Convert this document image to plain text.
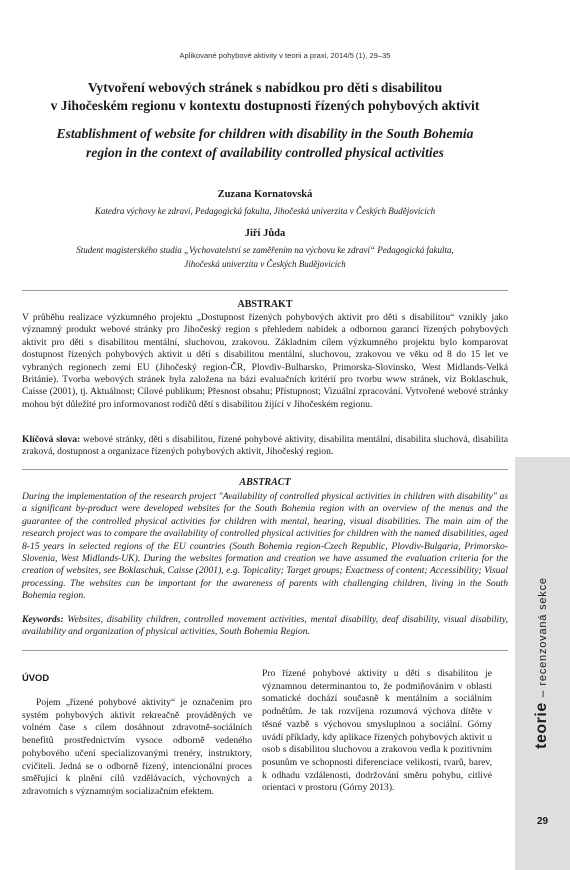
Aplikované pohybové aktivity v teorii a praxi, 2014/5 (1), 29–35
Vytvoření webových stránek s nabídkou pro děti s disabilitou
v Jihočeském regionu v kontextu dostupnosti řízených pohybových aktivit
Establishment of website for children with disability in the South Bohemia
region in the context of availability controlled physical activities
Zuzana Kornatovská
Katedra výchovy ke zdraví, Pedagogická fakulta, Jihočeská univerzita v Českých Budějovicích
Jiří Jůda
Student magisterského studia „Vychovatelství se zaměřením na výchovu ke zdraví“ Pedagogická fakulta,
Jihočeská univerzita v Českých Budějovicích
ABSTRAKT
V průběhu realizace výzkumného projektu „Dostupnost řízených pohybových aktivit pro děti s disabilitou“ vznikly jako významný produkt webové stránky pro Jihočeský region s přehledem nabídek a odbornou garancí řízených pohybových aktivit pro děti s disabilitou mentální, sluchovou, zrakovou. Základním cílem výzkumného projektu bylo komparovat dostupnost řízených pohybových aktivit u dětí s disabilitou mentální, sluchovou, zrakovou ve věku od 8 do 15 let ve vybraných regionech zemí EU (Jihočeský region-ČR, Plovdiv-Bulharsko, Primorska-Slovinsko, West Midlands-Velká Británie). Tvorba webových stránek byla založena na bázi evaluačních kritérií pro tvorbu www stránek, viz Boklaschuk, Caisse (2001), tj. Aktuálnost; Cílové publikum; Přesnost obsahu; Přístupnost; Vizuální zpracování. Vytvořené webové stránky mohou být důležité pro informovanost rodičů dětí s disabilitou žijící v Jihočeském regionu.
Klíčová slova: webové stránky, děti s disabilitou, řízené pohybové aktivity, disabilita mentální, disabilita sluchová, disabilita zraková, dostupnost a organizace řízených pohybových aktivit, Jihočeský region.
ABSTRACT
During the implementation of the research project "Availability of controlled physical activities in children with disability" as a significant by-product were developed websites for the South Bohemia region with an overview of the menus and the guarantee of the controlled physical activities for children with mental, hearing, visual disabilities. The main aim of the research project was to compare the availability of controlled physical activities for children with the named disabilities, aged 8-15 years in selected regions of the EU countries (South Bohemia region-Czech Republic, Plovdiv-Bulgaria, Primorsko-Slovenia, West Midlands-UK). During the websites formation and creation we have assumed the evaluation criteria for the creation of websites, see Boklaschuk, Caisse (2001), e.g. Topicality; Target groups; Exactness of content; Accessibility; Visual processing. The websites can be important for the awareness of parents with challenging children, living in the South Bohemia region.
Keywords: Websites, disability children, controlled movement activities, mental disability, deaf disability, visual disability, availability and organization of physical activities, South Bohemia Region.
ÚVOD

Pojem „řízené pohybové aktivity“ je označením pro systém pohybových aktivit rekreačně prováděných ve volném čase s cílem dosáhnout zdravotně-sociálních benefitů prostřednictvím vysoce odborně vedeného pohybového učení specializovanými trenéry, instruktory, cvičiteli. Jedná se o odborně řízený, intencionální proces směřující k plnění cílů vzdělávacích, výchovných a zdravotních s významným socializačním efektem.

Pro řízené pohybové aktivity u dětí s disabilitou je významnou determinantou to, že podmiňováním v oblasti somatické dochází současně k mentálním a sociálním podnětům. Je tak rozvíjena rozumová výchova dítěte v těsné vazbě s výchovou smysluplnou a sociální. Górny uvádí příklady, kdy aplikace řízených pohybových aktivit u osob s disabilitou sluchovou a zrakovou vedla k pozitivním posunům ve schopnosti diferenciace velikosti, tvarů, barev, k odhadu vzdálenosti, dodržování směru pohybu, citlivé orientaci v prostoru (Górny 2013).

teorie–recenzovaná sekce
29
